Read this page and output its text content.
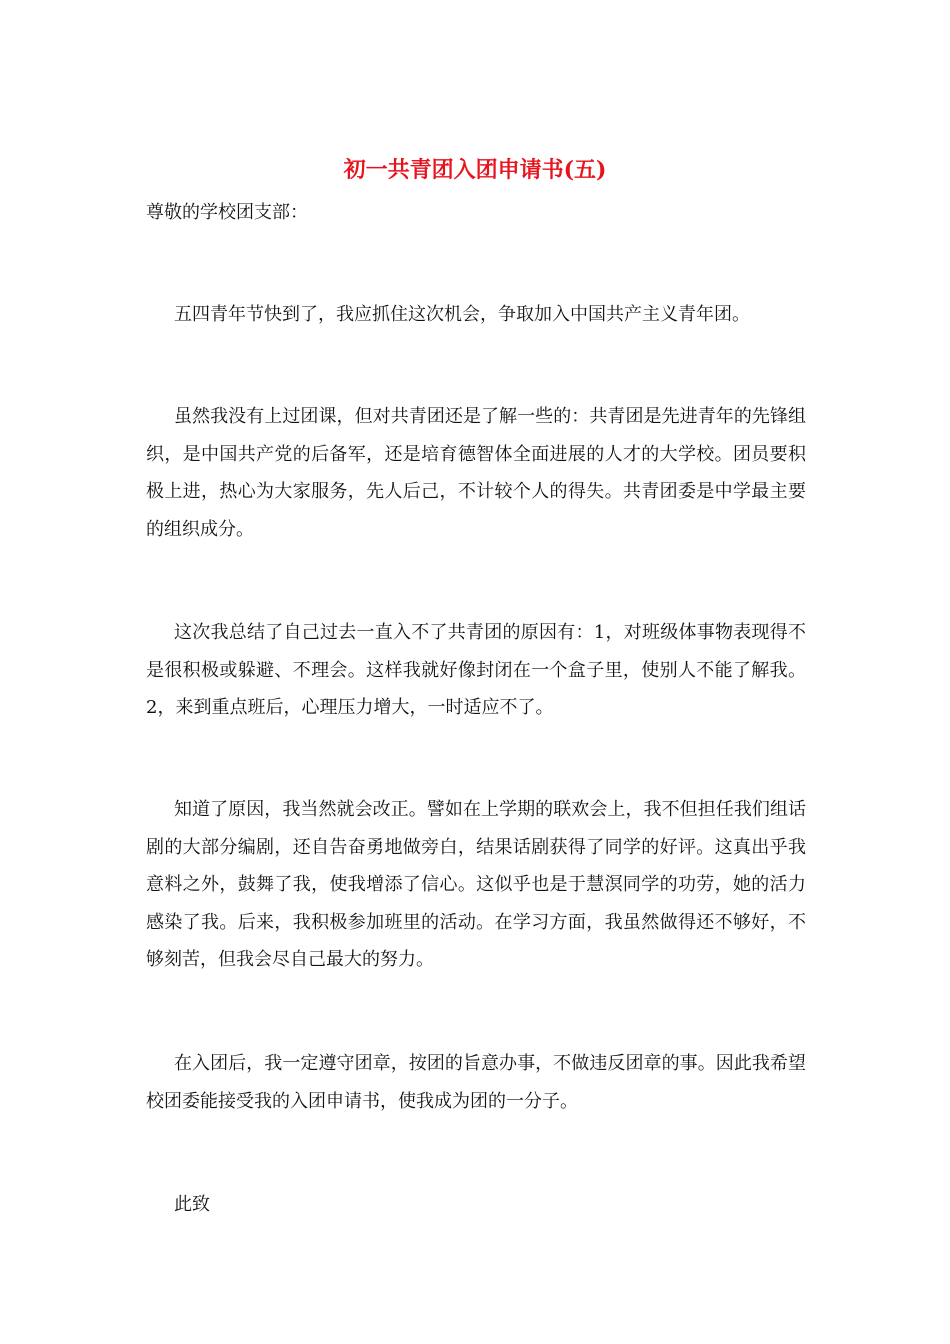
初一共青团入团申请书(五)
尊敬的学校团支部：

五四青年节快到了，我应抓住这次机会，争取加入中国共产主义青年团。

虽然我没有上过团课，但对共青团还是了解一些的：共青团是先进青年的先锋组织，是中国共产党的后备军，还是培育德智体全面进展的人才的大学校。团员要积极上进，热心为大家服务，先人后己，不计较个人的得失。共青团委是中学最主要的组织成分。

这次我总结了自己过去一直入不了共青团的原因有：1，对班级体事物表现得不是很积极或躲避、不理会。这样我就好像封闭在一个盒子里，使别人不能了解我。2，来到重点班后，心理压力增大，一时适应不了。

知道了原因，我当然就会改正。譬如在上学期的联欢会上，我不但担任我们组话剧的大部分编剧，还自告奋勇地做旁白，结果话剧获得了同学的好评。这真出乎我意料之外，鼓舞了我，使我增添了信心。这似乎也是于慧溟同学的功劳，她的活力感染了我。后来，我积极参加班里的活动。在学习方面，我虽然做得还不够好，不够刻苦，但我会尽自己最大的努力。

在入团后，我一定遵守团章，按团的旨意办事，不做违反团章的事。因此我希望校团委能接受我的入团申请书，使我成为团的一分子。

此致
